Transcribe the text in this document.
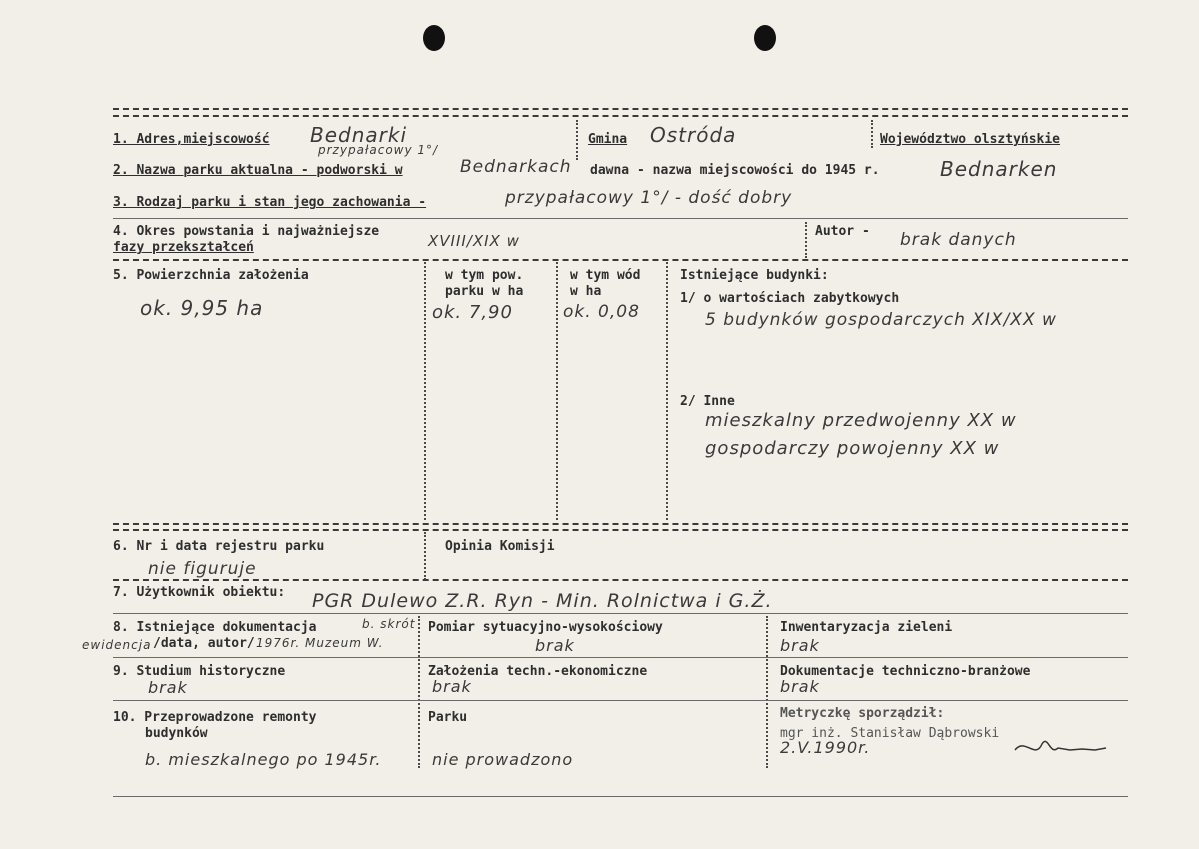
1. Adres,miejscowość Bednarki	Gmina Ostróda	Województwo olsztyńskie
przypałacowy 1°/
2. Nazwa parku aktualna - podworski w	Bednarkach dawna - nazwa miejscowości do 1945 r.	Bednarken
3. Rodzaj parku i stan jego zachowania -	przypałacowy 1°/ - dość dobry
4. Okres powstania i najważniejsze
fazy przekształceń	XVIII/XIX w
Autor - brak danych
5. Powierzchnia założenia
ok. 9,95 ha
w tym pow.
parku w ha
ok. 7,90
w tym wód
w ha
ok. 0,08
Istniejące budynki:
1/ o wartościach zabytkowych
5 budynków gospodarczych XIX/XX w
2/ Inne
mieszkalny przedwojenny XX w
gospodarczy powojenny XX w
6. Nr i data rejestru parku
nie figuruje
Opinia Komisji
7. Użytkownik obiektu: PGR Dulewo Z.R. Ryn - Min. Rolnictwa i G.Ż.
8. Istniejące dokumentacja	b. skrót
ewidencja /data, autor/ 1976r. Muzeum W.
Pomiar sytuacyjno-wysokościowy
brak
Inwentaryzacja zieleni
brak
9. Studium historyczne
brak
Założenia techn.-ekonomiczne
brak
Dokumentacje techniczno-branżowe
brak
10. Przeprowadzone remonty
budynków
b. mieszkalnego po 1945r.
Parku
nie prowadzono
Metryczkę sporządził:
mgr inż. Stanisław Dąbrowski
2.V.1990r.
